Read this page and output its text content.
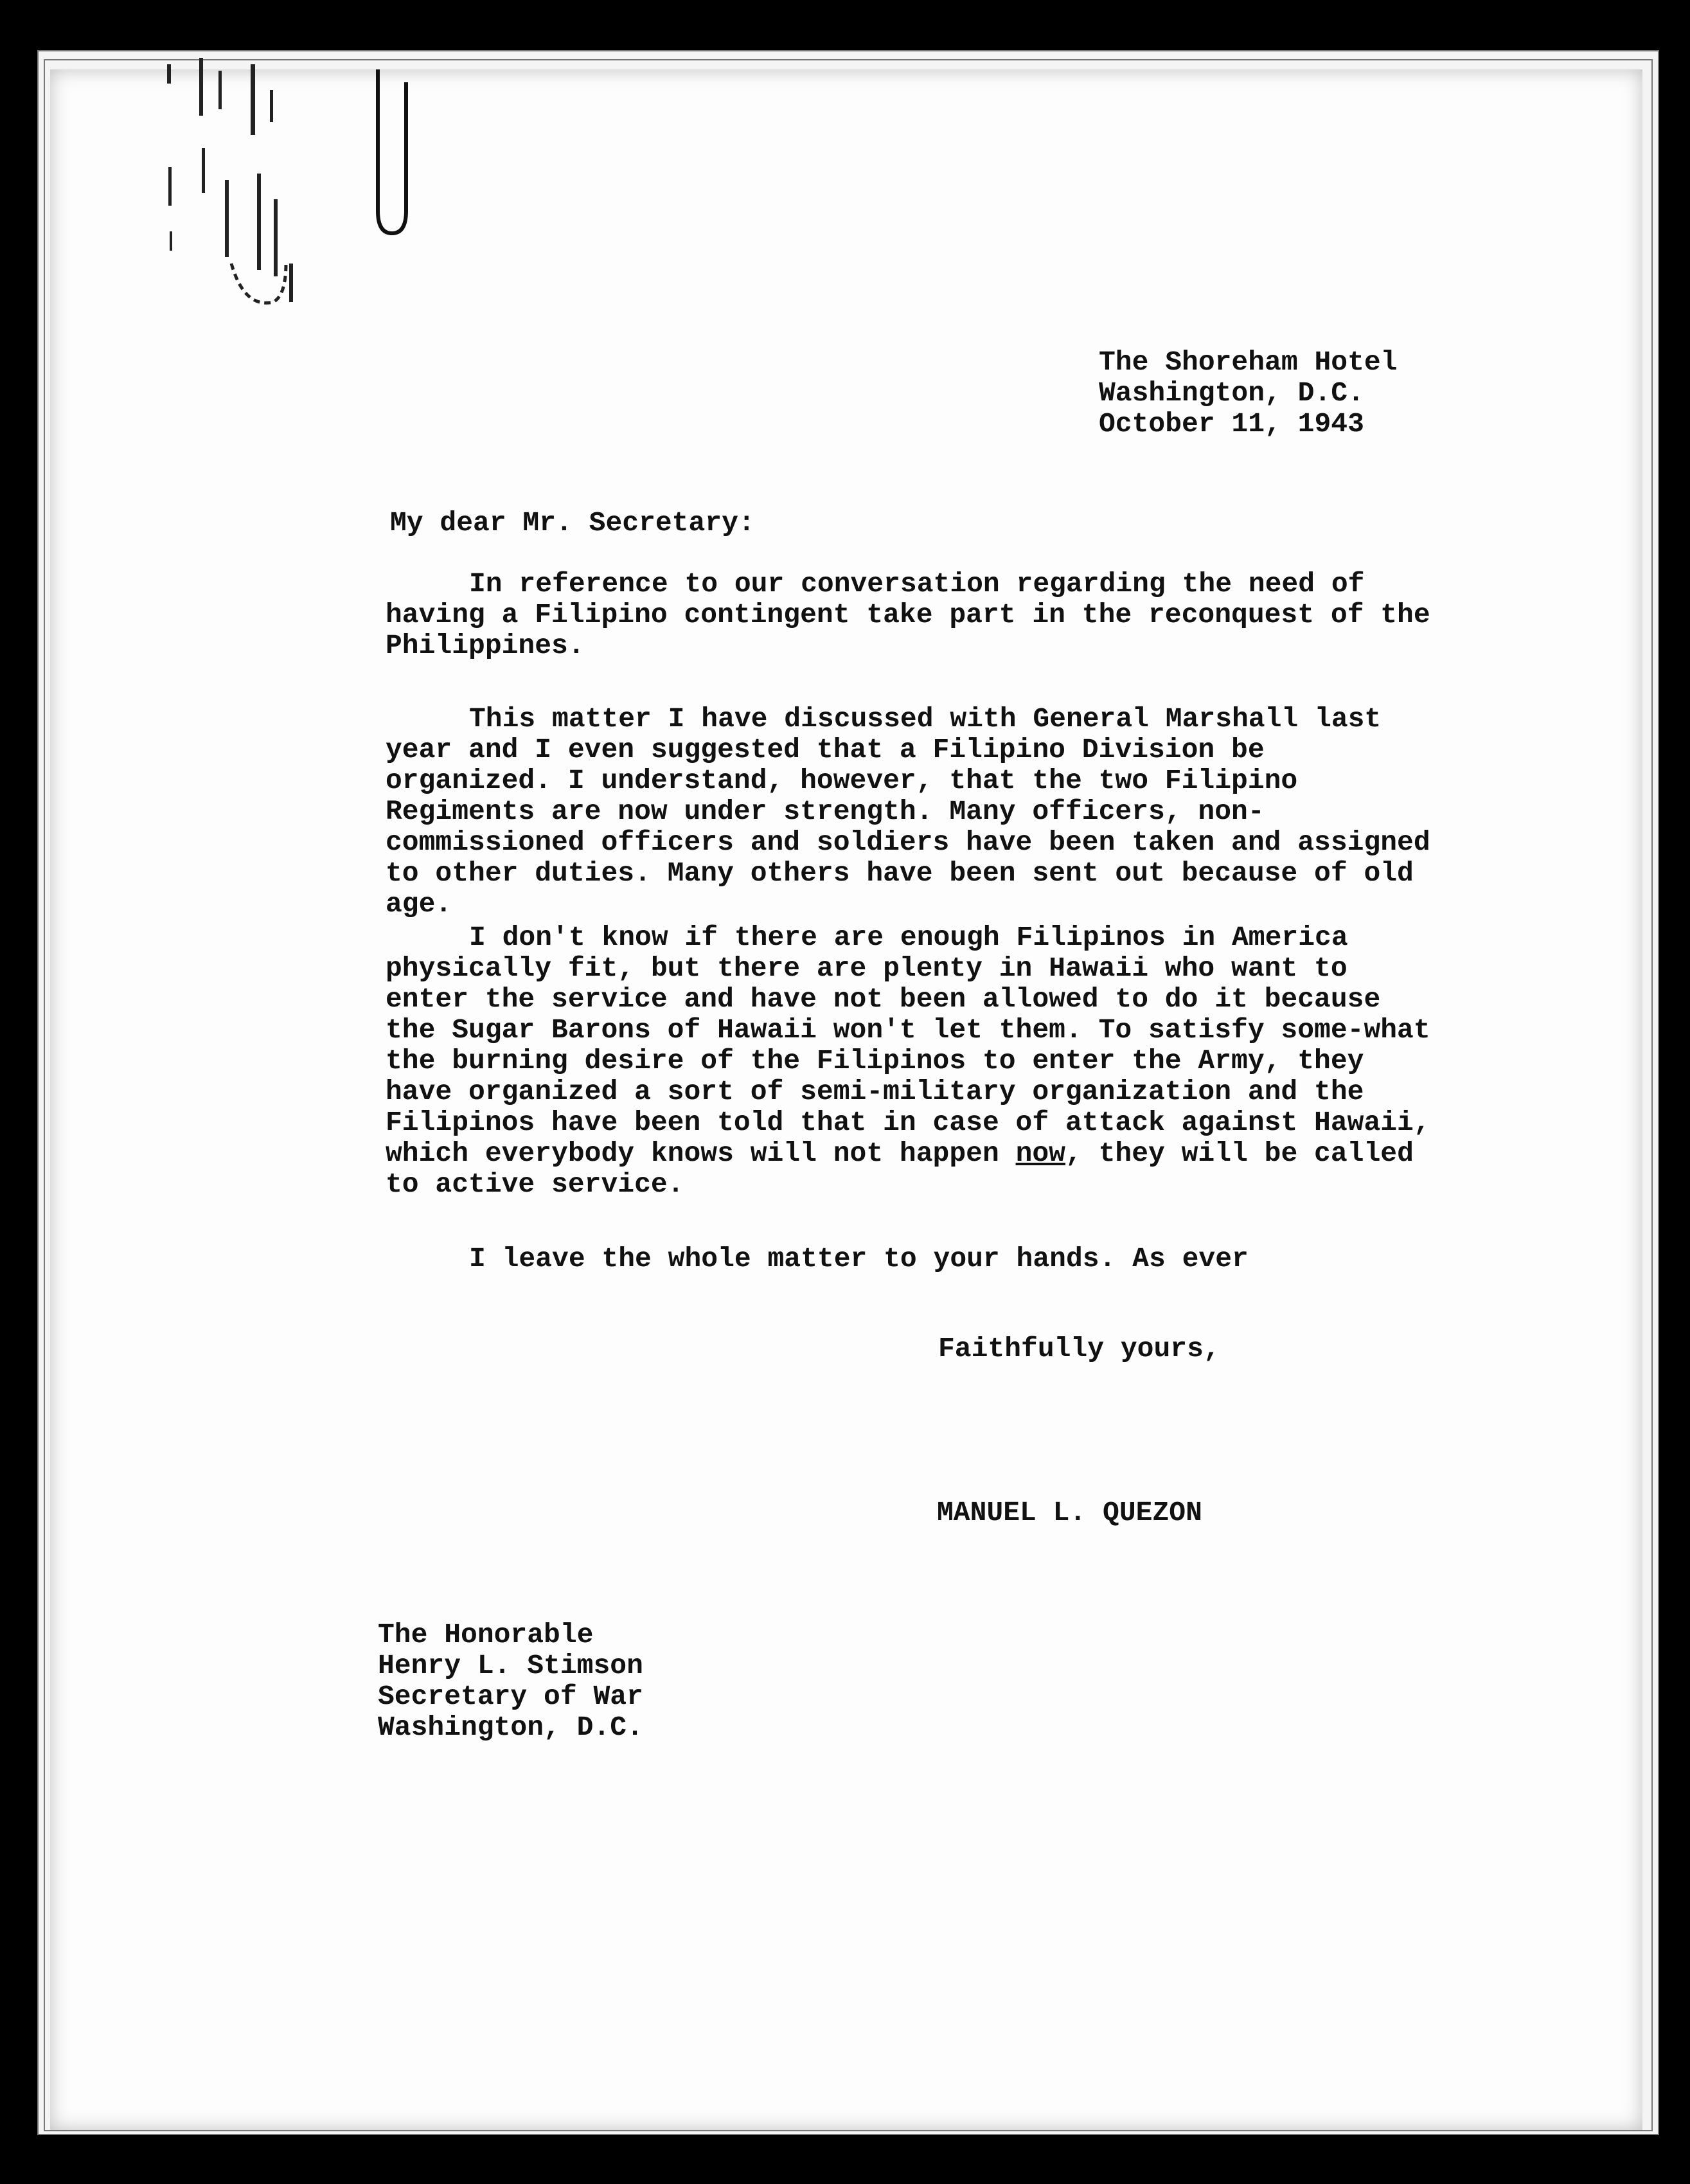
The Shoreham Hotel
Washington, D.C.
October 11, 1943
My dear Mr. Secretary:
In reference to our conversation regarding the need of having a Filipino contingent take part in the reconquest of the Philippines.
This matter I have discussed with General Marshall last year and I even suggested that a Filipino Division be organized. I understand, however, that the two Filipino Regiments are now under strength. Many officers, non-commissioned officers and soldiers have been taken and assigned to other duties. Many others have been sent out because of old age.
I don't know if there are enough Filipinos in America physically fit, but there are plenty in Hawaii who want to enter the service and have not been allowed to do it because the Sugar Barons of Hawaii won't let them. To satisfy some-what the burning desire of the Filipinos to enter the Army, they have organized a sort of semi-military organization and the Filipinos have been told that in case of attack against Hawaii, which everybody knows will not happen now, they will be called to active service.
I leave the whole matter to your hands. As ever
Faithfully yours,
MANUEL L. QUEZON
The Honorable
Henry L. Stimson
Secretary of War
Washington, D.C.
